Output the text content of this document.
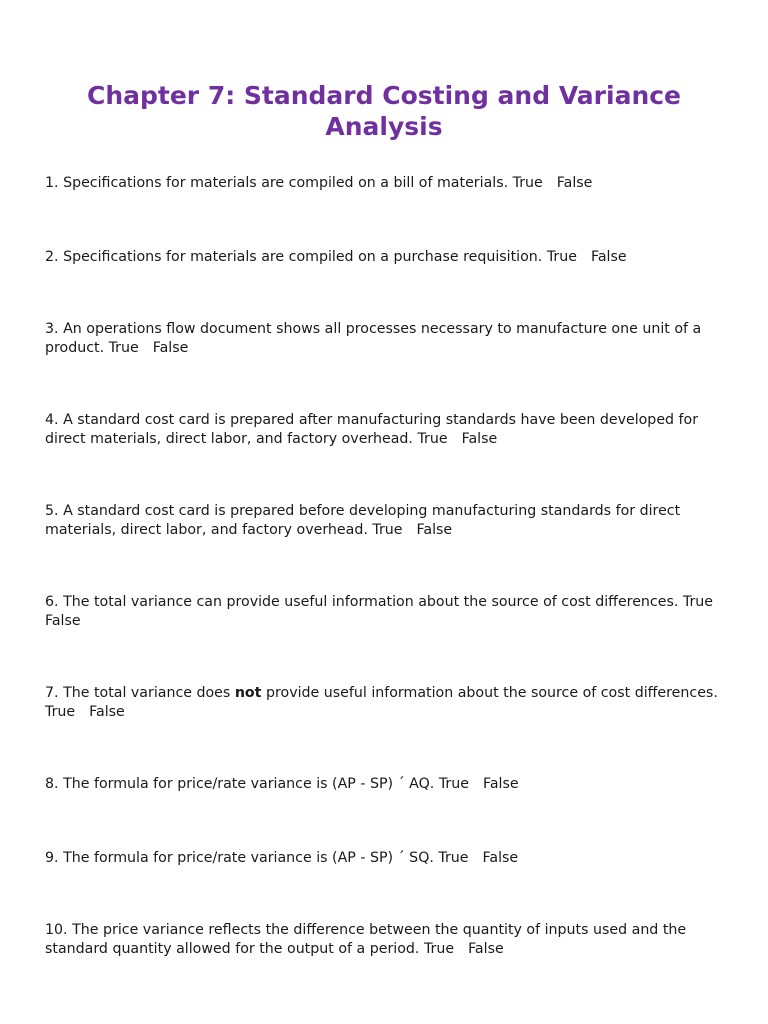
Chapter 7: Standard Costing and Variance Analysis

1. Specifications for materials are compiled on a bill of materials. True False

2. Specifications for materials are compiled on a purchase requisition. True False

3. An operations flow document shows all processes necessary to manufacture one unit of a product. True False

4. A standard cost card is prepared after manufacturing standards have been developed for direct materials, direct labor, and factory overhead. True False

5. A standard cost card is prepared before developing manufacturing standards for direct materials, direct labor, and factory overhead. True False

6. The total variance can provide useful information about the source of cost differences. TrueFalse

7. The total variance does not provide useful information about the source of cost differences. True False

8. The formula for price/rate variance is (AP - SP) ´ AQ. True False

9. The formula for price/rate variance is (AP - SP) ´ SQ. True False

10. The price variance reflects the difference between the quantity of inputs used and the standard quantity allowed for the output of a period. True False
